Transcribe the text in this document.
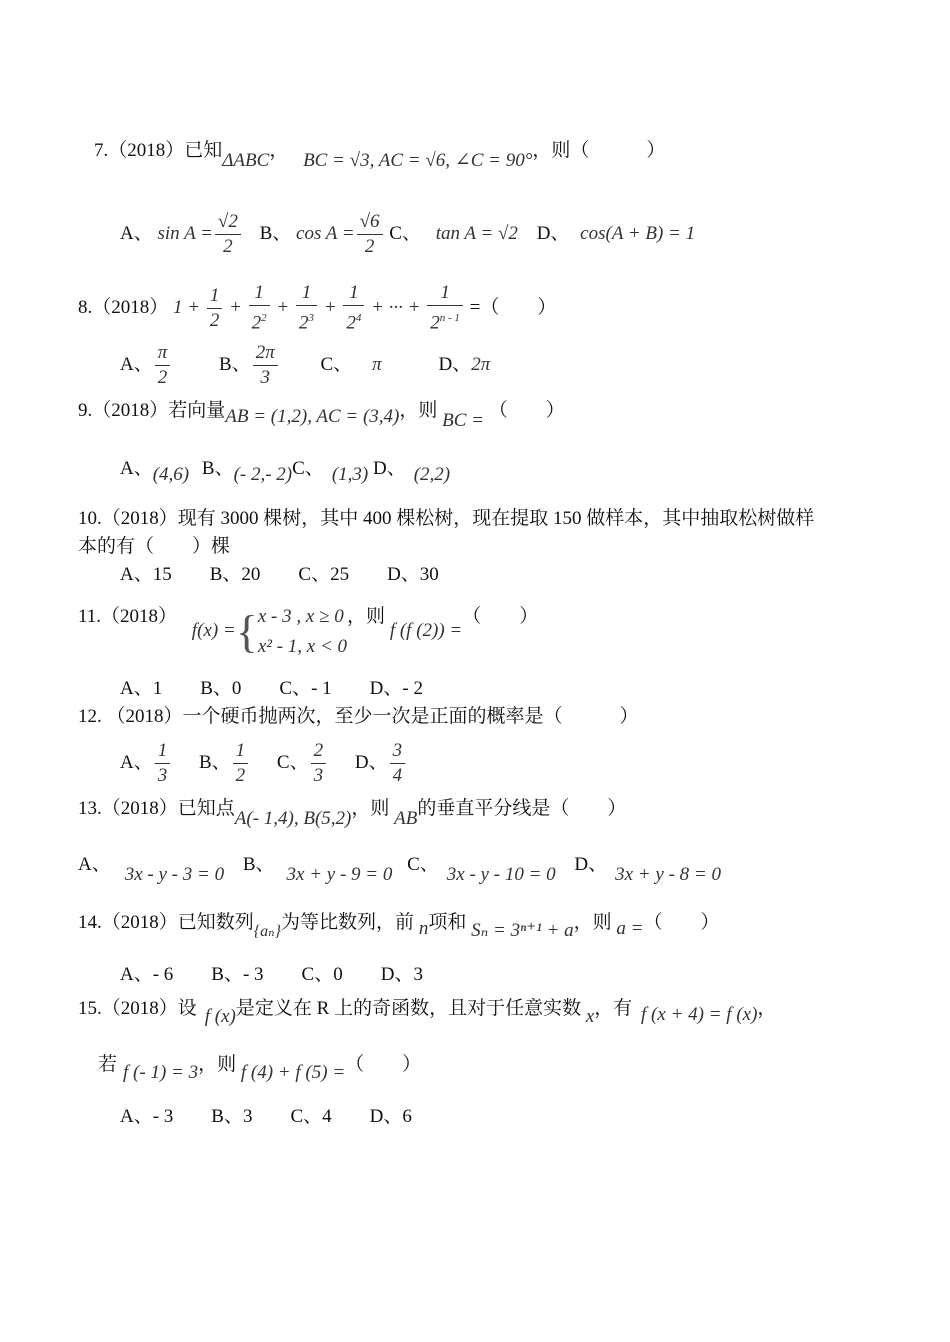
7.（2018）已知ΔABC， BC = √3, AC = √6, ∠C = 90°，则（　　　）
A、 $\sin A = \frac{√2}{2}$ B、 $\cos A = \frac{√6}{2}$ C、 tan A = √2 D、 cos(A + B) = 1
8.（2018） $1 + \frac{1}{2} + \frac{1}{2^2} + \frac{1}{2^3} + \frac{1}{2^4}$ + ··· + $\frac{1}{2^{n - 1}}$ =（　　）
A、 $\frac{\pi}{2}$	B、 $\frac{2\pi}{3}$ C、 π	D、2π
9.（2018）若向量AB = (1,2), AC = (3,4)，则 BC = （　　）
A、(4,6) B、(- 2,- 2)C、 (1,3) D、 (2,2)
10.（2018）现有 3000 棵树，其中 400 棵松树，现在提取 150 做样本，其中抽取松树做样
本的有（　　）棵
A、15　　B、20　　C、25　　D、30
11.（2018） f(x) ={ x - 3 , x ≥ 0
x² - 1, x < 0
，则 f (f (2)) =（　　）
A、1　　B、0　　C、- 1　　D、- 2
12. （2018）一个硬币抛两次，至少一次是正面的概率是（　　　）
A、 $\frac{1}{3}$ B、 $\frac{1}{2}$ C、 $\frac{2}{3}$ D、 $\frac{3}{4}$
13.（2018）已知点A(- 1,4), B(5,2)，则 AB的垂直平分线是（　　）
A、 3x - y - 3 = 0 B、 3x + y - 9 = 0 C、 3x - y - 10 = 0 D、 3x + y - 8 = 0
14.（2018）已知数列$_{\{a_n\}}$为等比数列，前 n项和 Sₙ = 3ⁿ⁺¹ + a，则 a =（　　）
A、- 6　　B、- 3　　C、0　　D、3
15.（2018）设 f (x)是定义在 R 上的奇函数，且对于任意实数 x，有 f (x + 4) = f (x)，
若 f (- 1) = 3，则 f (4) + f (5) =（　　）
A、- 3　　B、3　　C、4　　D、6
